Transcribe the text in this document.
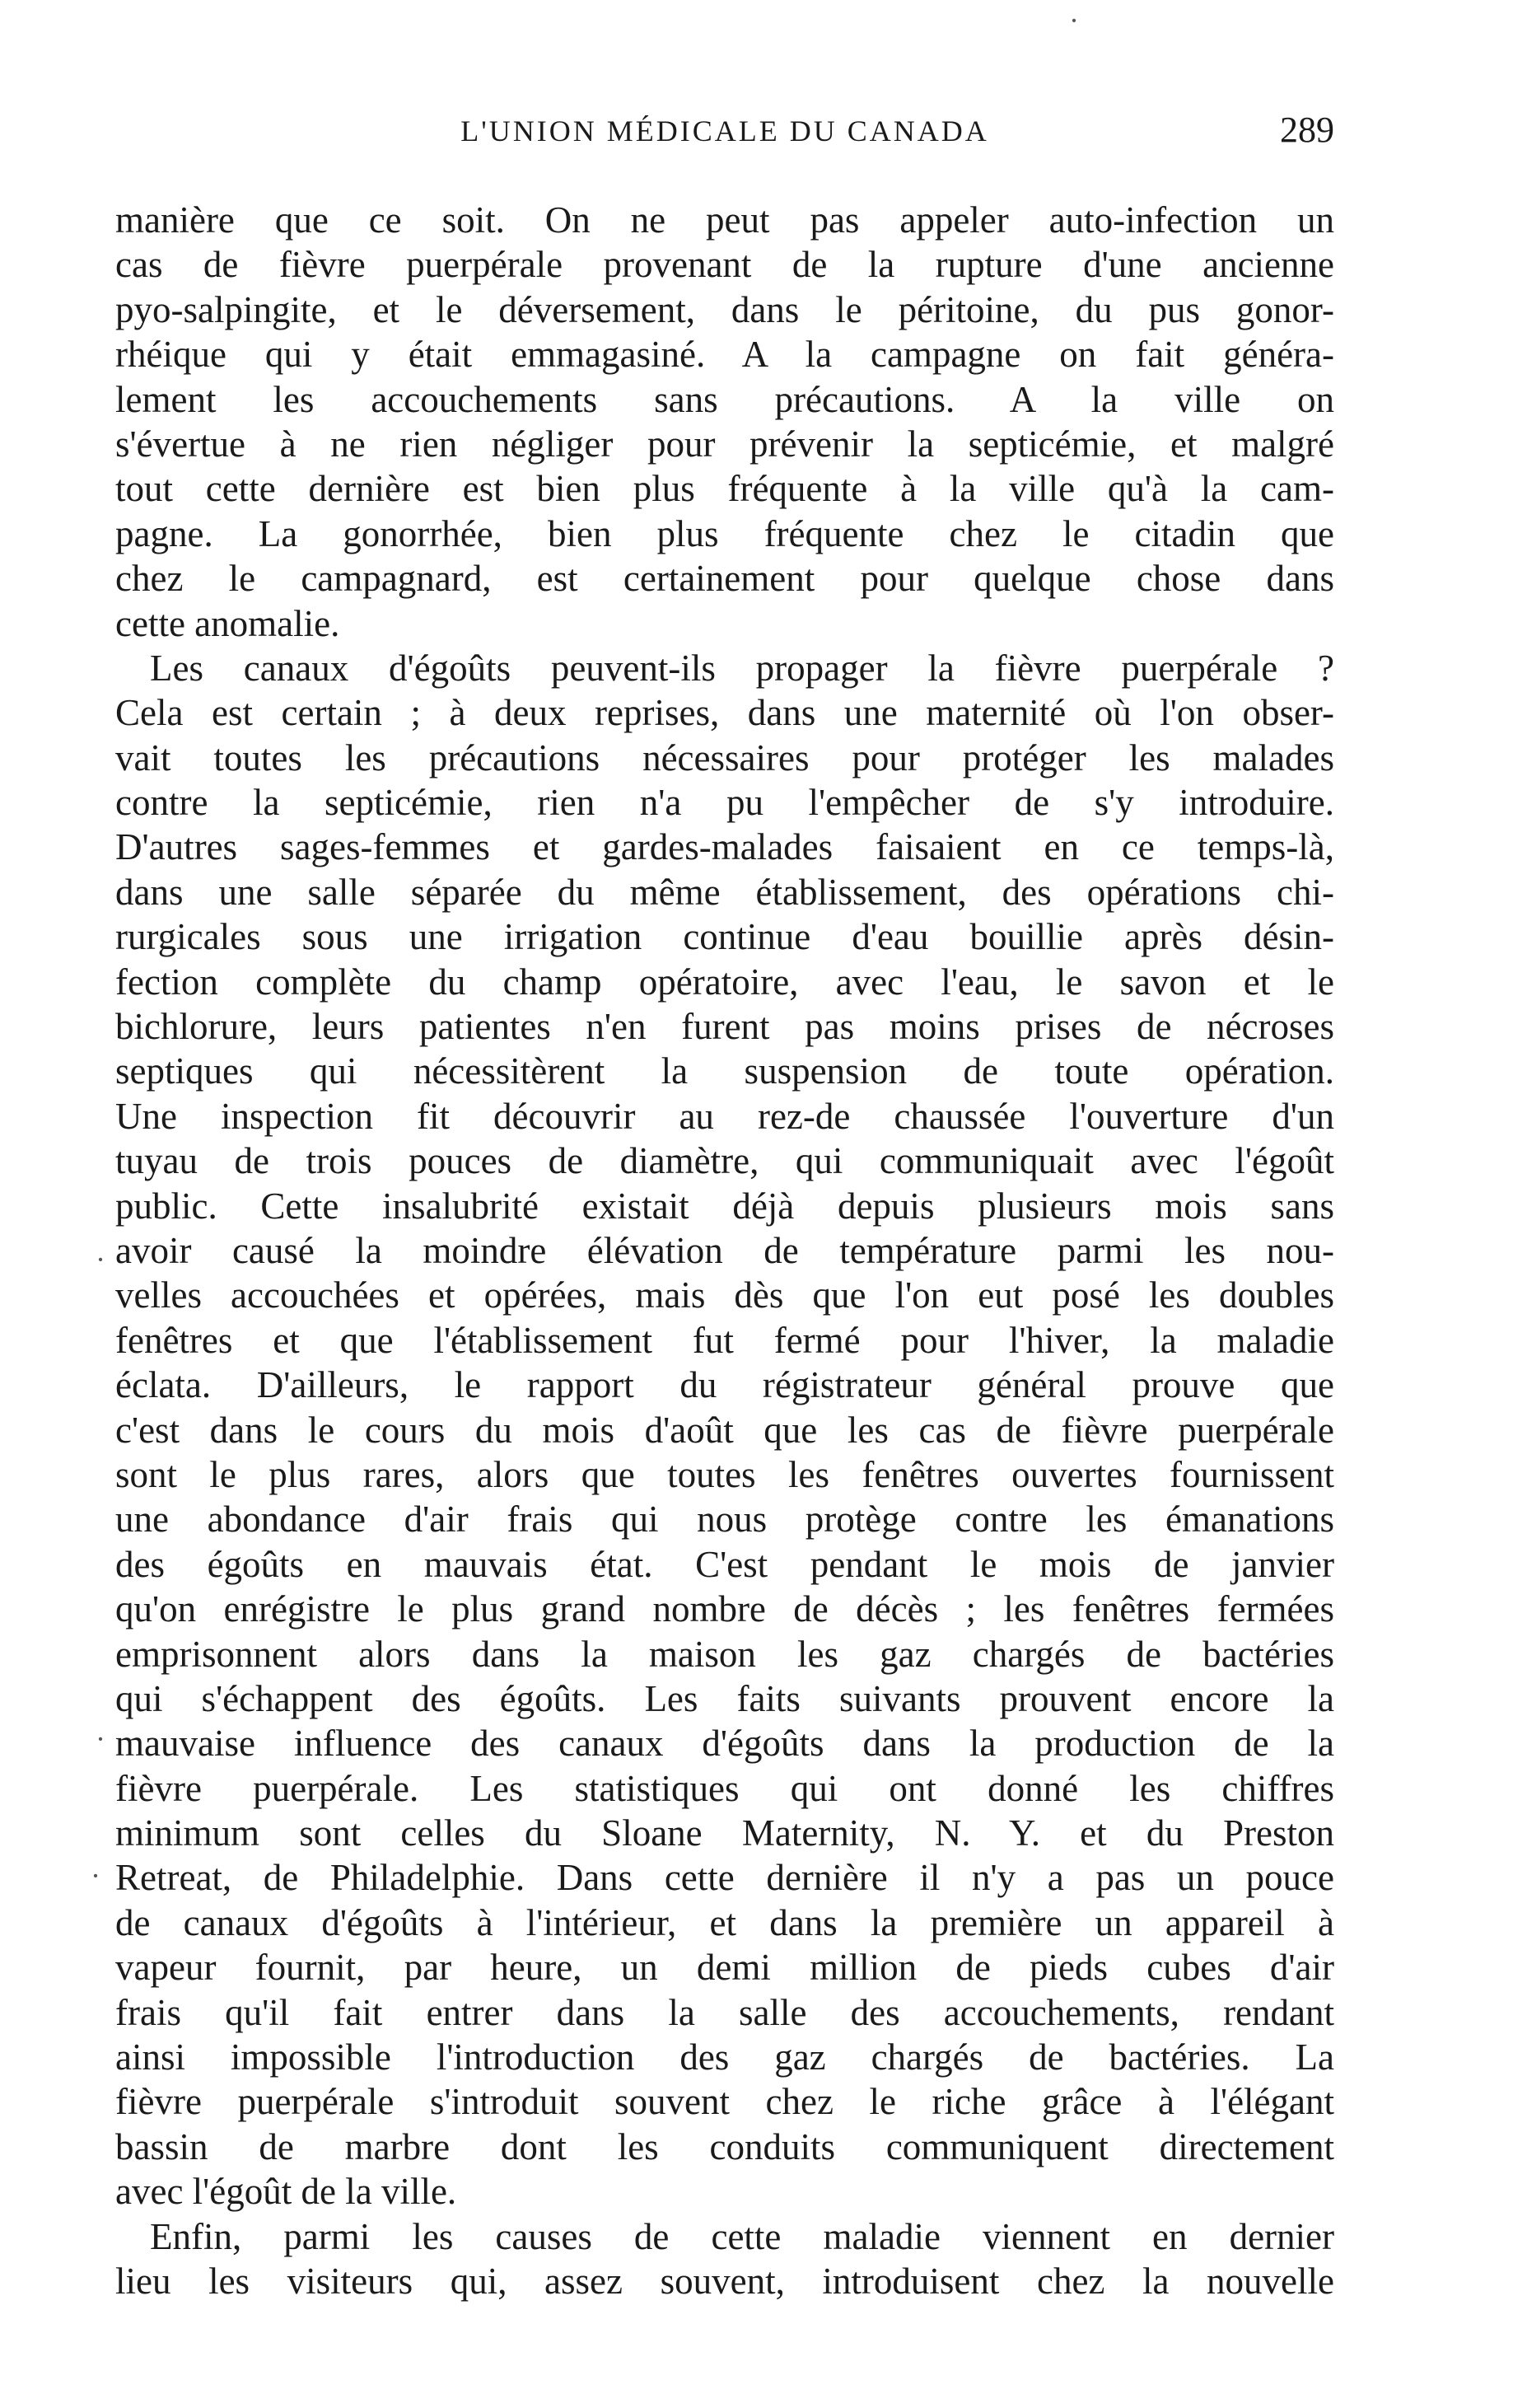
L'UNION MÉDICALE DU CANADA	289
manière que ce soit. On ne peut pas appeler auto-infection un
cas de fièvre puerpérale provenant de la rupture d'une ancienne
pyo-salpingite, et le déversement, dans le péritoine, du pus gonor-
rhéique qui y était emmagasiné. A la campagne on fait généra-
lement les accouchements sans précautions. A la ville on
s'évertue à ne rien négliger pour prévenir la septicémie, et malgré
tout cette dernière est bien plus fréquente à la ville qu'à la cam-
pagne. La gonorrhée, bien plus fréquente chez le citadin que
chez le campagnard, est certainement pour quelque chose dans
cette anomalie.
Les canaux d'égoûts peuvent-ils propager la fièvre puerpérale ?
Cela est certain ; à deux reprises, dans une maternité où l'on obser-
vait toutes les précautions nécessaires pour protéger les malades
contre la septicémie, rien n'a pu l'empêcher de s'y introduire.
D'autres sages-femmes et gardes-malades faisaient en ce temps-là,
dans une salle séparée du même établissement, des opérations chi-
rurgicales sous une irrigation continue d'eau bouillie après désin-
fection complète du champ opératoire, avec l'eau, le savon et le
bichlorure, leurs patientes n'en furent pas moins prises de nécroses
septiques qui nécessitèrent la suspension de toute opération.
Une inspection fit découvrir au rez-de chaussée l'ouverture d'un
tuyau de trois pouces de diamètre, qui communiquait avec l'égoût
public. Cette insalubrité existait déjà depuis plusieurs mois sans
avoir causé la moindre élévation de température parmi les nou-
velles accouchées et opérées, mais dès que l'on eut posé les doubles
fenêtres et que l'établissement fut fermé pour l'hiver, la maladie
éclata. D'ailleurs, le rapport du régistrateur général prouve que
c'est dans le cours du mois d'août que les cas de fièvre puerpérale
sont le plus rares, alors que toutes les fenêtres ouvertes fournissent
une abondance d'air frais qui nous protège contre les émanations
des égoûts en mauvais état. C'est pendant le mois de janvier
qu'on enrégistre le plus grand nombre de décès ; les fenêtres fermées
emprisonnent alors dans la maison les gaz chargés de bactéries
qui s'échappent des égoûts. Les faits suivants prouvent encore la
mauvaise influence des canaux d'égoûts dans la production de la
fièvre puerpérale. Les statistiques qui ont donné les chiffres
minimum sont celles du Sloane Maternity, N. Y. et du Preston
Retreat, de Philadelphie. Dans cette dernière il n'y a pas un pouce
de canaux d'égoûts à l'intérieur, et dans la première un appareil à
vapeur fournit, par heure, un demi million de pieds cubes d'air
frais qu'il fait entrer dans la salle des accouchements, rendant
ainsi impossible l'introduction des gaz chargés de bactéries. La
fièvre puerpérale s'introduit souvent chez le riche grâce à l'élégant
bassin de marbre dont les conduits communiquent directement
avec l'égoût de la ville.
Enfin, parmi les causes de cette maladie viennent en dernier
lieu les visiteurs qui, assez souvent, introduisent chez la nouvelle
·
·
·
·
